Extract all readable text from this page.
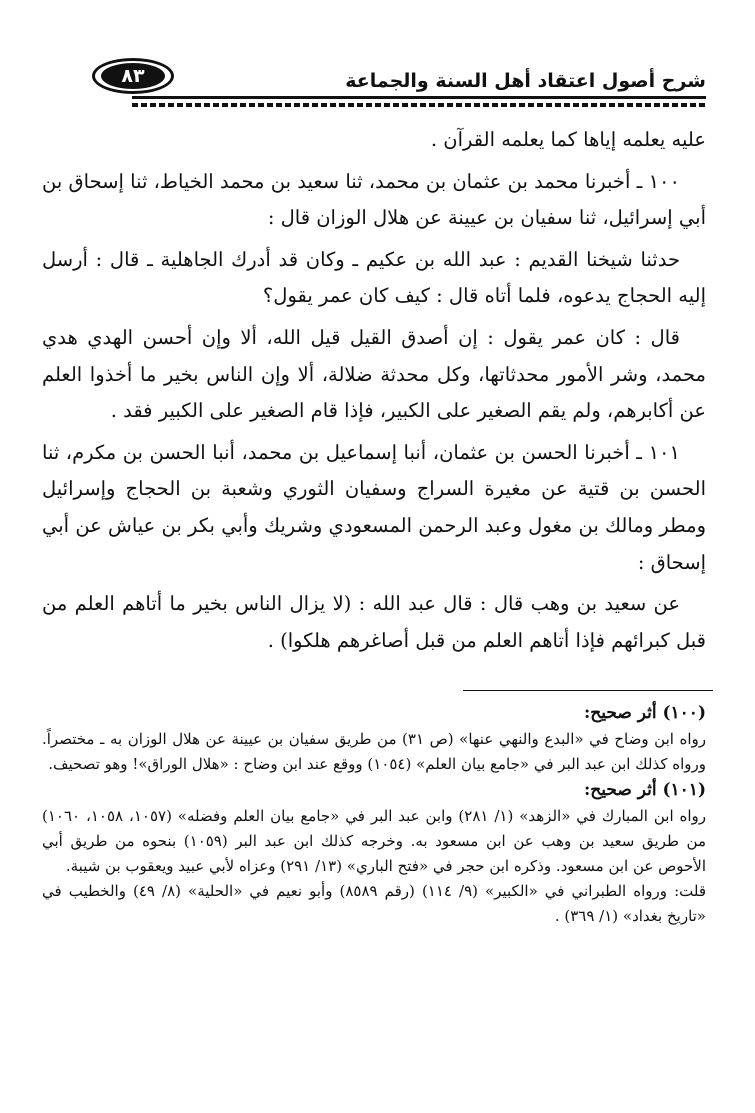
٨٣	شرح أصول اعتقاد أهل السنة والجماعة

عليه يعلمه إياها كما يعلمه القرآن .

١٠٠ ـ أخبرنا محمد بن عثمان بن محمد، ثنا سعيد بن محمد الخياط، ثنا إسحاق بن أبي إسرائيل، ثنا سفيان بن عيينة عن هلال الوزان قال :

حدثنا شيخنا القديم : عبد الله بن عكيم ـ وكان قد أدرك الجاهلية ـ قال : أرسل إليه الحجاج يدعوه، فلما أتاه قال : كيف كان عمر يقول؟

قال : كان عمر يقول : إن أصدق القيل قيل الله، ألا وإن أحسن الهدي هدي محمد، وشر الأمور محدثاتها، وكل محدثة ضلالة، ألا وإن الناس بخير ما أخذوا العلم عن أكابرهم، ولم يقم الصغير على الكبير، فإذا قام الصغير على الكبير فقد .

١٠١ ـ أخبرنا الحسن بن عثمان، أنبا إسماعيل بن محمد، أنبا الحسن بن مكرم، ثنا الحسن بن قتية عن مغيرة السراج وسفيان الثوري وشعبة بن الحجاج وإسرائيل ومطر ومالك بن مغول وعبد الرحمن المسعودي وشريك وأبي بكر بن عياش عن أبي إسحاق :

عن سعيد بن وهب قال : قال عبد الله : (لا يزال الناس بخير ما أتاهم العلم من قبل كبرائهم فإذا أتاهم العلم من قبل أصاغرهم هلكوا) .

(١٠٠) أثر صحيح:

رواه ابن وضاح في «البدع والنهي عنها» (ص ٣١) من طريق سفيان بن عيينة عن هلال الوزان به ـ مختصراً. ورواه كذلك ابن عبد البر في «جامع بيان العلم» (١٠٥٤) ووقع عند ابن وضاح : «هلال الوراق»! وهو تصحيف.

(١٠١) أثر صحيح:

رواه ابن المبارك في «الزهد» (١/ ٢٨١) وابن عبد البر في «جامع بيان العلم وفضله» (١٠٥٧، ١٠٥٨، ١٠٦٠) من طريق سعيد بن وهب عن ابن مسعود به. وخرجه كذلك ابن عبد البر (١٠٥٩) بنحوه من طريق أبي الأحوص عن ابن مسعود. وذكره ابن حجر في «فتح الباري» (١٣/ ٢٩١) وعزاه لأبي عبيد ويعقوب بن شيبة.

قلت: ورواه الطبراني في «الكبير» (٩/ ١١٤) (رقم ٨٥٨٩) وأبو نعيم في «الحلية» (٨/ ٤٩) والخطيب في «تاريخ بغداد» (١/ ٣٦٩) .
